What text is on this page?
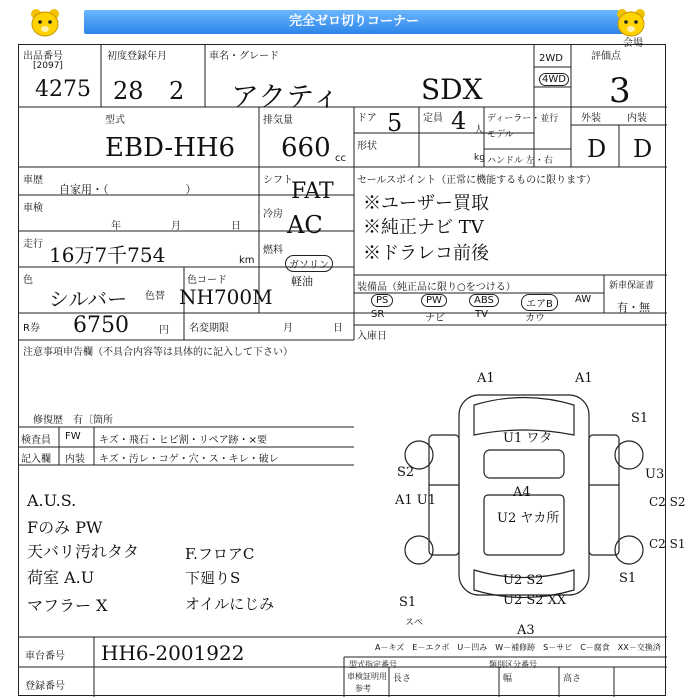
完全ゼロ切りコーナー
会場
出品番号
[2097]
4275
初度登録年月
28 2
車名・グレード
アクティ	SDX
2WD
4WD
評価点
3
型式
EBD-HH6
排気量
660 cc
ドア 5 定員 4 人
形状
ディーラー・並行
モデル
kg ハンドル 左・右
外装	内装
D D
車歴
自家用・（　　　　　　　）
車検
年	月	日
走行 16万7千754	km
色
シルバー 色替
色コード
NH700M
R券 6750	円 名変期限	月	日
シフト
FAT
冷房 AC
燃料
ガソリン
軽油
セールスポイント（正常に機能するものに限ります）
※ユーザー買取
※純正ナビ TV
※ドラレコ前後
装備品（純正品に限り○をつける）	新車保証書
有・無
PS	PW	ABS	エアB	AW
SR	ナビ	TV	カウ
入庫日
注意事項申告欄（不具合内容等は具体的に記入して下さい）
修復歴　有〔箇所
検査員 FW キズ・飛石・ヒビ割・リペア跡・×要
記入欄 内装 キズ・汚レ・コゲ・穴・ス・キレ・破レ
A.U.S.
Fのみ PW
天バリ汚れタタ
荷室 A.U
マフラー X
F.フロアC
下廻りS
オイルにじみ
A1	A1
U1 ワタ
S1
S2	U3
A1 U1
A4
U2 ヤカ所
C2 S2
U2 S2
C2 S1
S1
S1
U2 S2 XX
A3
スペ
A－キズ　E－エクボ　U－凹み　W－補修跡　S－サビ　C－腐食　XX－交換済
車台番号 HH6-2001922
登録番号
型式指定番号	類別区分番号
車検証明用
参考
長さ	幅	高さ
